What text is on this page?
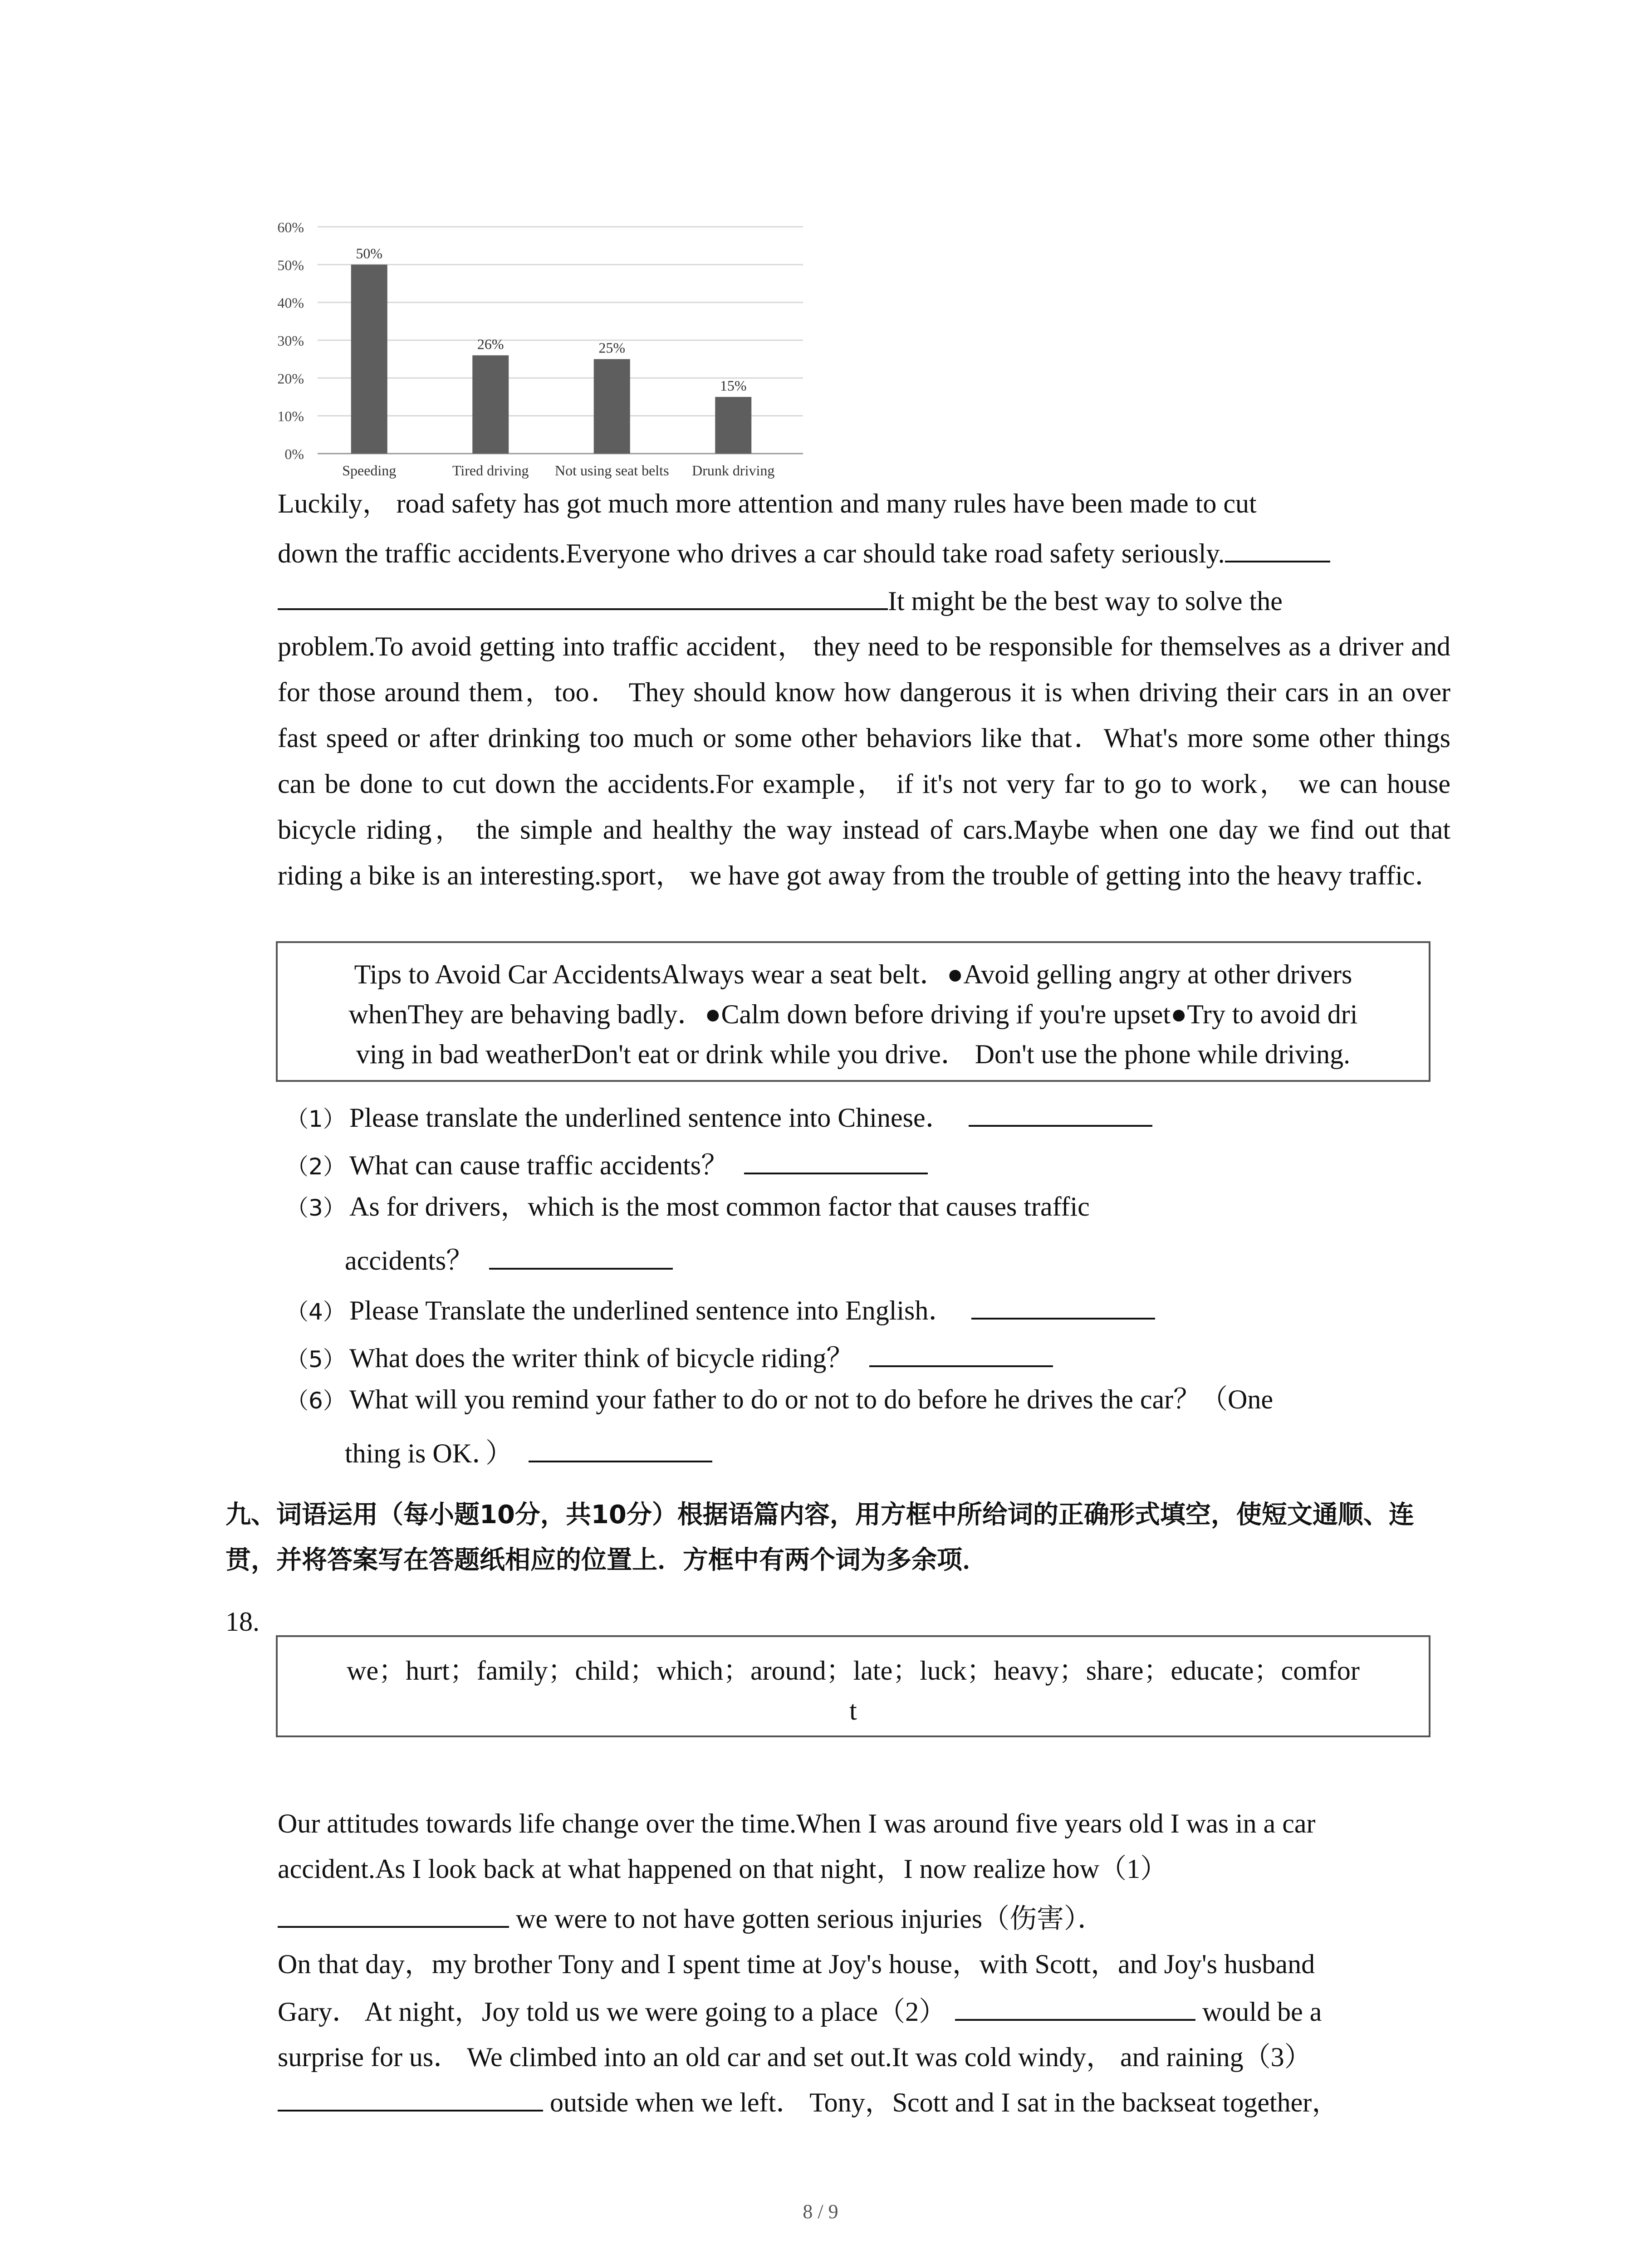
0%
10%
20%
30%
40%
50%
60%
50%
Speeding
26%
Tired driving
25%
Not using seat belts
15%
Drunk driving

Luckily， road safety has got much more attention and many rules have been made to cut

down the traffic accidents.Everyone who drives a car should take road safety seriously.

It might be the best way to solve the

problem.To avoid getting into traffic accident， they need to be responsible for themselves as a driver and for those around them，too． They should know how dangerous it is when driving their cars in an over fast speed or after drinking too much or some other behaviors like that．What's more some other things can be done to cut down the accidents.For example， if it's not very far to go to work， we can house bicycle riding， the simple and healthy the way instead of cars.Maybe when one day we find out that riding a bike is an interesting.sport， we have got away from the trouble of getting into the heavy traffic．

Tips to Avoid Car AccidentsAlways wear a seat belt．●Avoid gelling angry at other drivers
whenThey are behaving badly．●Calm down before driving if you're upset●Try to avoid dri
ving in bad weatherDon't eat or drink while you drive． Don't use the phone while driving.
（1） Please translate the underlined sentence into Chinese．
（2） What can cause traffic accidents？
（3） As for drivers，which is the most common factor that causes traffic
accidents？
（4） Please Translate the underlined sentence into English．
（5） What does the writer think of bicycle riding？
（6） What will you remind your father to do or not to do before he drives the car？（One
thing is OK．）

九、词语运用（每小题10分，共10分）根据语篇内容，用方框中所给词的正确形式填空，使短文通顺、连贯，并将答案写在答题纸相应的位置上．方框中有两个词为多余项．

18.
we；hurt；family；child；which；around；late；luck；heavy；share；educate；comfor
t

Our attitudes towards life change over the time.When I was around five years old I was in a car

accident.As I look back at what happened on that night，I now realize how（1）

we were to not have gotten serious injuries（伤害）．

On that day，my brother Tony and I spent time at Joy's house，with Scott，and Joy's husband

Gary． At night，Joy told us we were going to a place（2）	would be a

surprise for us． We climbed into an old car and set out.It was cold windy， and raining（3）

outside when we left． Tony，Scott and I sat in the backseat together，

8 / 9
